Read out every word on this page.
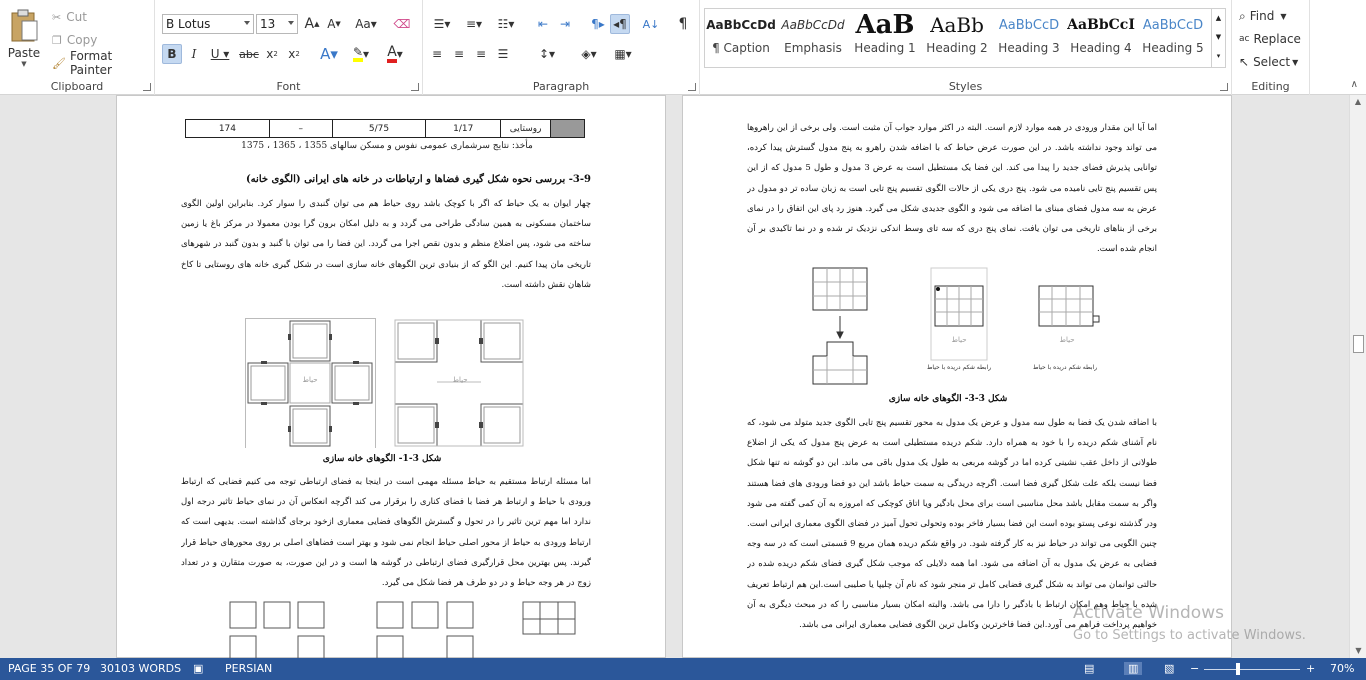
Paste
▼
✂ Cut
❐ Copy
🖌 Format Painter
Clipboard
B Lotus	13 A ▲ A ▼	Aa▾	⌫
B	I	U ▾ abc x 2 x 2	A▾	✎ ▾	A ▾
Font
☰▾	≡▾	☷▾	⇤ ⇥	¶▸ ◂¶ A↓	¶
≡ ≡ ≡ ☰	↕▾	◈▾	▦▾
Paragraph
AaBbCcDd
¶ Caption
AaBbCcDd
Emphasis
AaB
Heading 1
AaBb
Heading 2
AaBbCcD
Heading 3
AaBbCcI
Heading 4
AaBbCcD
Heading 5
▲
▼
▾
Styles
⌕ Find ▼
ac Replace
↖ Select ▼
Editing	∧
	روستایی	1/17	5/75	–	174
مأخذ: نتایج سرشماری عمومی نفوس و مسکن سالهای 1355 ، 1365 ، 1375
3-9- بررسی نحوه شکل گیری فضاها و ارتباطات در خانه های ایرانی (الگوی خانه)
چهار ایوان به یک حیاط که اگر با کوچک باشد روی حیاط هم می توان گنبدی را سوار کرد. بنابراین اولین الگوی ساختمان مسکونی به همین سادگی طراحی می گردد و به دلیل امکان برون گرا بودن معمولا در مرکز باغ یا زمین ساخته می شود، پس اضلاع منظم و بدون نقص اجرا می گردد. این فضا را می توان با گنبد و بدون گنبد در شهرهای تاریخی مان پیدا کنیم. این الگو که از بنیادی ترین الگوهای خانه سازی است در شکل گیری خانه های روستایی تا کاخ شاهان نقش داشته است.
حیاط	حیاط
شکل 3-1- الگوهای خانه سازی
اما مسئله ارتباط مستقیم به حیاط مسئله مهمی است در اینجا به فضای ارتباطی توجه می کنیم فضایی که ارتباط ورودی با حیاط و ارتباط هر فضا با فضای کناری را برقرار می کند اگرچه انعکاس آن در نمای حیاط تاثیر درجه اول ندارد اما مهم ترین تاثیر را در تحول و گسترش الگوهای فضایی معماری ازخود برجای گذاشته است. بدیهی است که ارتباط ورودی به حیاط از محور اصلی حیاط انجام نمی شود و بهتر است فضاهای اصلی بر روی محورهای حیاط قرار گیرند. پس بهترین محل قرارگیری فضای ارتباطی در گوشه ها است و در این صورت، به صورت متقارن و در تعداد زوج در هر وجه حیاط و در دو طرف هر فضا شکل می گیرد.
اما آیا این مقدار ورودی در همه موارد لازم است. البته در اکثر موارد جواب آن مثبت است. ولی برخی از این راهروها می تواند وجود نداشته باشد. در این صورت عرض حیاط که با اضافه شدن راهرو به پنج مدول گسترش پیدا کرده، توانایی پذیرش فضای جدید را پیدا می کند. این فضا یک مستطیل است به عرض 3 مدول و طول 5 مدول که از این پس تقسیم پنج تایی نامیده می شود. پنج دری یکی از حالات الگوی تقسیم پنج تایی است به زبان ساده تر دو مدول در عرض به سه مدول فضای مبنای ما اضافه می شود و الگوی جدیدی شکل می گیرد. هنوز رد پای این اتفاق را در نمای برخی از بناهای تاریخی می توان یافت. نمای پنج دری که سه تای وسط اندکی نزدیک تر شده و در نما تاکیدی بر آن انجام شده است.
حیاط	حیاط
رابطه شکم دریده با حیاط	رابطه شکم دریده با حیاط
شکل 3-3- الگوهای خانه سازی
با اضافه شدن یک فضا به طول سه مدول و عرض یک مدول به محور تقسیم پنج تایی الگوی جدید متولد می شود، که نام آشنای شکم دریده را با خود به همراه دارد. شکم دریده مستطیلی است به عرض پنج مدول که یکی از اضلاع طولانی از داخل عقب نشینی کرده اما در گوشه مربعی به طول یک مدول باقی می ماند. این دو گوشه نه تنها شکل فضا نیست بلکه علت شکل گیری فضا است. اگرچه دریدگی به سمت حیاط باشد این دو فضا ورودی های فضا هستند واگر به سمت مقابل باشد محل مناسبی است برای محل بادگیر ویا اتاق کوچکی که امروزه به آن کمی گفته می شود ودر گذشته نوعی پستو بوده است این فضا بسیار فاخر بوده وتحولی تحول آمیز در فضای الگوی معماری ایرانی است. چنین الگویی می تواند در حیاط نیز به کار گرفته شود. در واقع شکم دریده همان مربع 9 قسمتی است که در سه وجه فضایی به عرض یک مدول به آن اضافه می شود. اما همه دلایلی که موجب شکل گیری فضای شکم دریده شده در حالتی توانمان می تواند به شکل گیری فضایی کامل تر منجر شود که نام آن چلیپا یا صلیبی است.این هم ارتباط تعریف شده با حیاط وهم امکان ارتباط با بادگیر را دارا می باشد. والبته امکان بسیار مناسبی را که در مبحث دیگری به آن خواهیم پرداخت فراهم می آورد.این فضا فاخرترین وکامل ترین الگوی فضایی معماری ایرانی می باشد.
Activate Windows
Go to Settings to activate Windows.
▲
▼
PAGE 35 OF 79 30103 WORDS ▣ PERSIAN	▤	▥	▧ −	+ 70%
